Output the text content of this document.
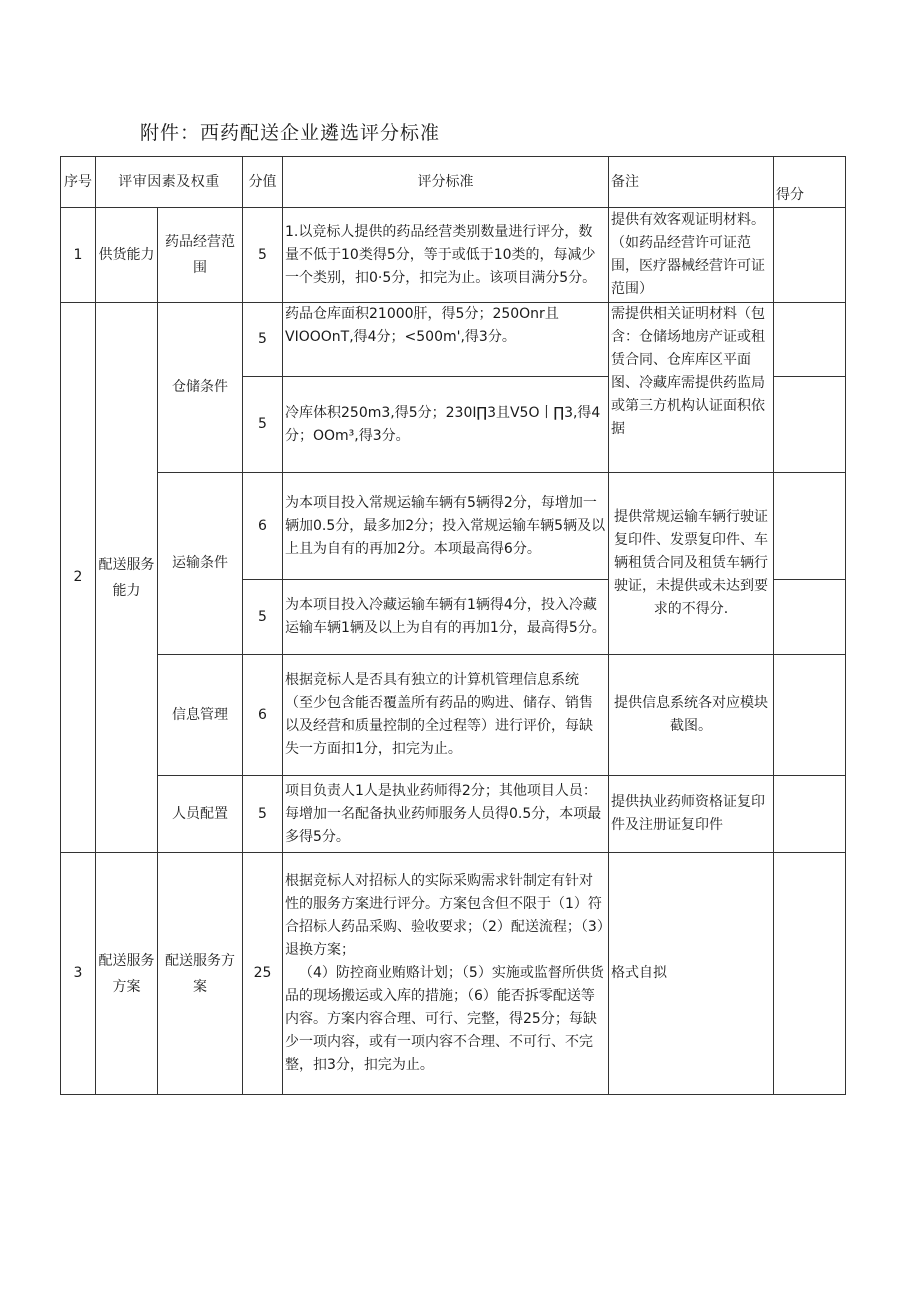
附件：西药配送企业遴选评分标准
序号	评审因素及权重		分值	评分标准	备注	得分
1	供货能力	药品经营范围	5	1.以竞标人提供的药品经营类别数量进行评分，数量不低于10类得5分，等于或低于10类的，每减少一个类别，扣0·5分，扣完为止。该项目满分5分。	提供有效客观证明材料。（如药品经营许可证范围，医疗器械经营许可证范围）	
2	配送服务能力	仓储条件	5	药品仓库面积21000肝，得5分；250Onr且VIOOOnT,得4分；<500m',得3分。	需提供相关证明材料（包含：仓储场地房产证或租赁合同、仓库库区平面图、冷藏库需提供药监局或第三方机构认证面积依据	
			5	冷库体积250m3,得5分；230I∏3且V5O丨∏3,得4分；OOm³,得3分。		
		运输条件	6	为本项目投入常规运输车辆有5辆得2分，每增加一辆加0.5分，最多加2分；投入常规运输车辆5辆及以上且为自有的再加2分。本项最高得6分。	提供常规运输车辆行驶证复印件、发票复印件、车辆租赁合同及租赁车辆行驶证，未提供或未达到要求的不得分.	
			5	为本项目投入冷藏运输车辆有1辆得4分，投入冷藏运输车辆1辆及以上为自有的再加1分，最高得5分。		
		信息管理	6	根据竞标人是否具有独立的计算机管理信息系统（至少包含能否覆盖所有药品的购进、储存、销售以及经营和质量控制的全过程等）进行评价，每缺失一方面扣1分，扣完为止。	提供信息系统各对应模块截图。	
		人员配置	5	项目负责人1人是执业药师得2分；其他项目人员：每增加一名配备执业药师服务人员得0.5分，本项最多得5分。	提供执业药师资格证复印件及注册证复印件	
3	配送服务方案	配送服务方案	25	根据竞标人对招标人的实际采购需求针制定有针对性的服务方案进行评分。方案包含但不限于（1）符合招标人药品采购、验收要求；（2）配送流程；（3）退换方案；
（4）防控商业贿赂计划；（5）实施或监督所供货品的现场搬运或入库的措施；（6）能否拆零配送等内容。方案内容合理、可行、完整，得25分；每缺少一项内容，或有一项内容不合理、不可行、不完整，扣3分，扣完为止。	格式自拟	
